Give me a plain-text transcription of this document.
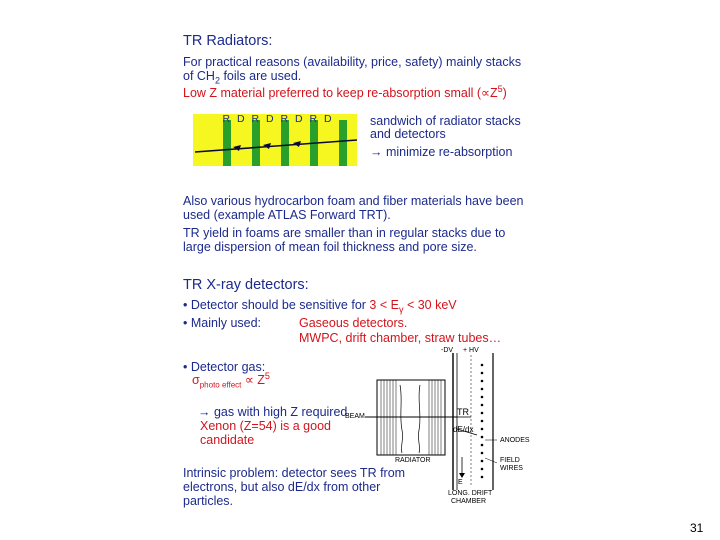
TR Radiators:
For practical reasons (availability, price, safety) mainly stacks
of $CH_2$ foils are used.
Low Z material preferred to keep re-absorption small $(\propto Z^5)$
R D R D R D R D	sandwich of radiator stacks
and detectors
→ minimize re-absorption
Also various hydrocarbon foam and fiber materials have been
used (example ATLAS Forward TRT).
TR yield in foams are smaller than in regular stacks due to
large dispersion of mean foil thickness and pore size.
TR X-ray detectors:
• Detector should be sensitive for $3 < E_\gamma < 30$ keV
• Mainly used:	Gaseous detectors.
MWPC, drift chamber, straw tubes…
• Detector gas:
$\sigma_{photo effect} \propto Z^5$
→ gas with high Z required
Xenon (Z=54) is a good
candidate
Intrinsic problem: detector sees TR from
electrons, but also dE/dx from other
particles.
-DV + HV
BEAM	TR
dE/dx
ANODES
FIELD
WIRES
RADIATOR
E
LONG. DRIFT
CHAMBER
31
